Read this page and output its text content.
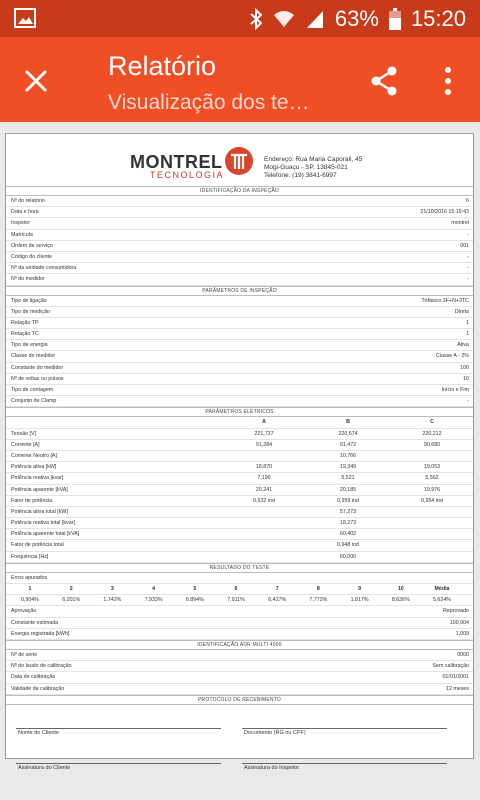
63% 15:20
Relatório
Visualização dos te…
MONTREL
TECNOLOGIA
Endereço: Rua Maria Caporali, 45
Mogi-Guaçu - SP, 13845-021
Telefone: (19) 3841-6997
IDENTIFICAÇÃO DA INSPEÇÃO
Nº do relatório	6
Data e hora	21/10/2016 15:19:43
Inspetor	montrel
Matrícula	-
Ordem de serviço	001
Código do cliente	-
Nº da unidade consumidora	-
Nº do medidor	-
PARÂMETROS DE INSPEÇÃO
Tipo de ligação	Trifásico 3F+N+3TC
Tipo de medição	Direta
Relação TP	1
Relação TC	1
Tipo de energia	Ativa
Classe do medidor	Classe A - 2%
Constante do medidor	100
Nº de voltas ou pulsos	10
Tipo de contagem	Início e Fim
Conjunto de Clamp	-
PARÂMETROS ELÉTRICOS
A	B	C
Tensão [V]	221,737	220,574	220,212
Corrente [A]	91,284	91,472	90,680
Corrente Neutro [A]	10,766
Potência ativa [kW]	18,870	19,349	19,053
Potência reativa [kvar]	7,190	5,521	5,562
Potência aparente [kVA]	20,241	20,185	19,976
Fator de potência	0,932 ind	0,959 ind	0,954 ind
Potência ativa total [kW]	57,273
Potência reativa total [kvar]	18,273
Potência aparente total [kVA]	60,402
Fator de potência total	0,948 ind
Frequência [Hz]	60,000
RESULTADO DO TESTE
Erros apurados
1	2	3	4	5	6	7	8	9	10	Média
0,904%	6,201%	1,742%	7,933%	6,894%	7,911%	6,427%	7,772%	1,817%	8,636%	5,624%
Aprovação	Reprovado
Constante estimada	100,904
Energia registrada [kWh]	1,009
IDENTIFICAÇÃO ADR MULTI 4000
Nº de série	0000
Nº do laudo de calibração	Sem calibração
Data de calibração	01/01/2001
Validade da calibração	12 meses
PROTOCOLO DE RECEBIMENTO
Nome do Cliente	Documento (RG ou CPF)
Assinatura do Cliente	Assinatura do Inspetor
